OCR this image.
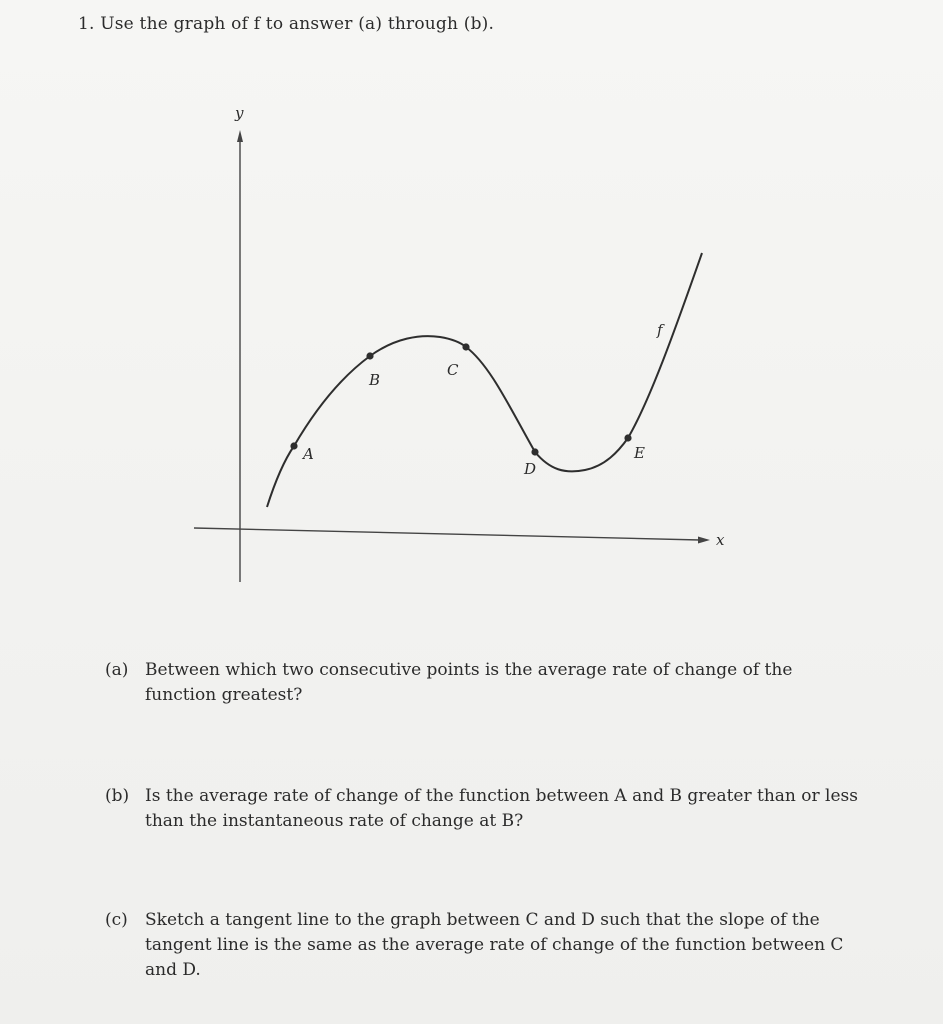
1. Use the graph of f to answer (a) through (b).
y
x
A
B
C
D
E
f
(a) Between which two consecutive points is the average rate of change of the function greatest?
(b) Is the average rate of change of the function between A and B greater than or less than the instantaneous rate of change at B?
(c) Sketch a tangent line to the graph between C and D such that the slope of the tangent line is the same as the average rate of change of the function between C and D.
